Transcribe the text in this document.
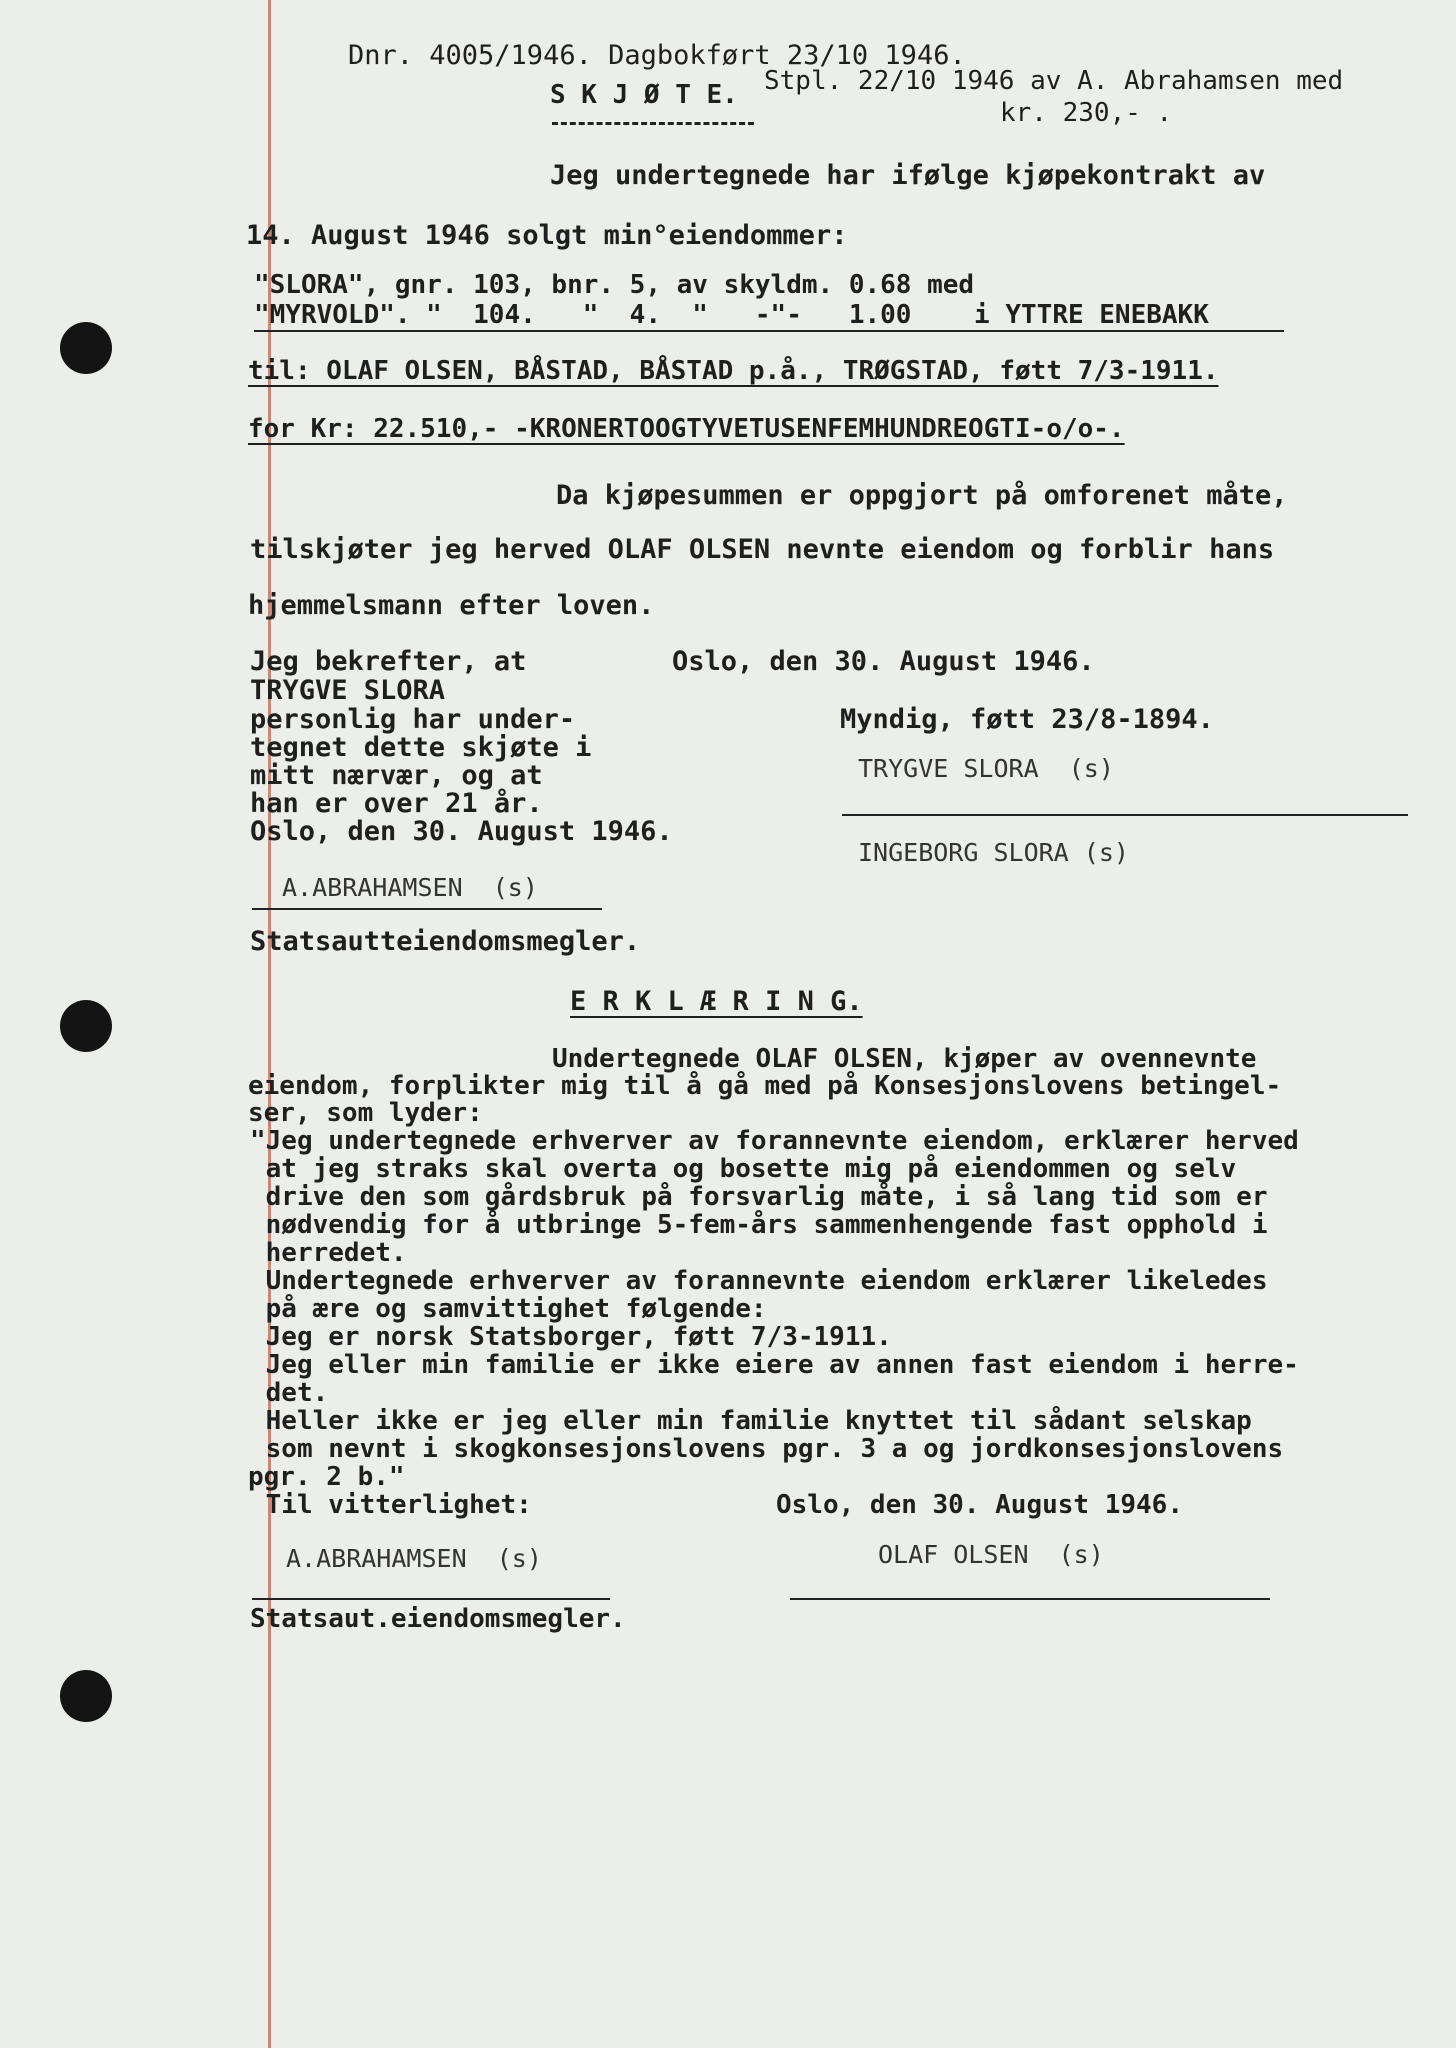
Dnr. 4005/1946. Dagbokført 23/10 1946.
S K J Ø T E. Stpl. 22/10 1946 av A. Abrahamsen med
kr. 230,- .
Jeg undertegnede har ifølge kjøpekontrakt av
14. August 1946 solgt min°eiendommer:
"SLORA", gnr. 103, bnr. 5, av skyldm. 0.68 med
"MYRVOLD". "  104.   "  4.  "   -"-   1.00    i YTTRE ENEBAKK
til: OLAF OLSEN, BÅSTAD, BÅSTAD p.å., TRØGSTAD, føtt 7/3-1911.
for Kr: 22.510,- -KRONERTOOGTYVETUSENFEMHUNDREOGTI-o/o-.
Da kjøpesummen er oppgjort på omforenet måte,
tilskjøter jeg herved OLAF OLSEN nevnte eiendom og forblir hans
hjemmelsmann efter loven.
Jeg bekrefter, at
TRYGVE SLORA
personlig har under-
tegnet dette skjøte i
mitt nærvær, og at
han er over 21 år.
Oslo, den 30. August 1946.
A.ABRAHAMSEN  (s)
Statsautteiendomsmegler.
Oslo, den 30. August 1946.
Myndig, føtt 23/8-1894.
TRYGVE SLORA  (s)
INGEBORG SLORA (s)
E R K L Æ R I N G.
Undertegnede OLAF OLSEN, kjøper av ovennevnte
eiendom, forplikter mig til å gå med på Konsesjonslovens betingel-
ser, som lyder:
"Jeg undertegnede erhverver av forannevnte eiendom, erklærer herved
at jeg straks skal overta og bosette mig på eiendommen og selv
drive den som gårdsbruk på forsvarlig måte, i så lang tid som er
nødvendig for å utbringe 5-fem-års sammenhengende fast opphold i
herredet.
Undertegnede erhverver av forannevnte eiendom erklærer likeledes
på ære og samvittighet følgende:
Jeg er norsk Statsborger, føtt 7/3-1911.
Jeg eller min familie er ikke eiere av annen fast eiendom i herre-
det.
Heller ikke er jeg eller min familie knyttet til sådant selskap
som nevnt i skogkonsesjonslovens pgr. 3 a og jordkonsesjonslovens
pgr. 2 b."
Til vitterlighet:	Oslo, den 30. August 1946.
A.ABRAHAMSEN  (s)	OLAF OLSEN  (s)
Statsaut.eiendomsmegler.
